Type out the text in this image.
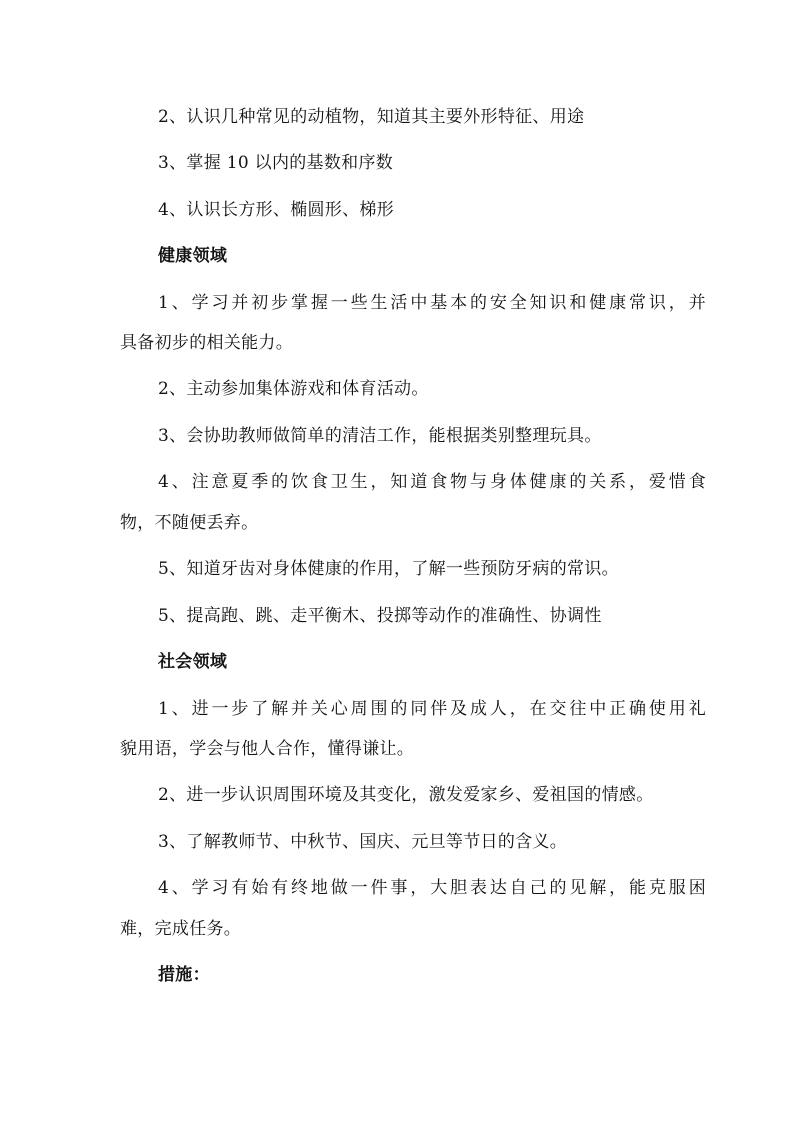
2、认识几种常见的动植物，知道其主要外形特征、用途
3、掌握 10 以内的基数和序数
4、认识长方形、椭圆形、梯形
健康领域
1、学习并初步掌握一些生活中基本的安全知识和健康常识，并
具备初步的相关能力。
2、主动参加集体游戏和体育活动。
3、会协助教师做简单的清洁工作，能根据类别整理玩具。
4、注意夏季的饮食卫生，知道食物与身体健康的关系，爱惜食
物，不随便丢弃。
5、知道牙齿对身体健康的作用，了解一些预防牙病的常识。
5、提高跑、跳、走平衡木、投掷等动作的准确性、协调性
社会领域
1、进一步了解并关心周围的同伴及成人，在交往中正确使用礼
貌用语，学会与他人合作，懂得谦让。
2、进一步认识周围环境及其变化，激发爱家乡、爱祖国的情感。
3、了解教师节、中秋节、国庆、元旦等节日的含义。
4、学习有始有终地做一件事，大胆表达自己的见解，能克服困
难，完成任务。
措施：
